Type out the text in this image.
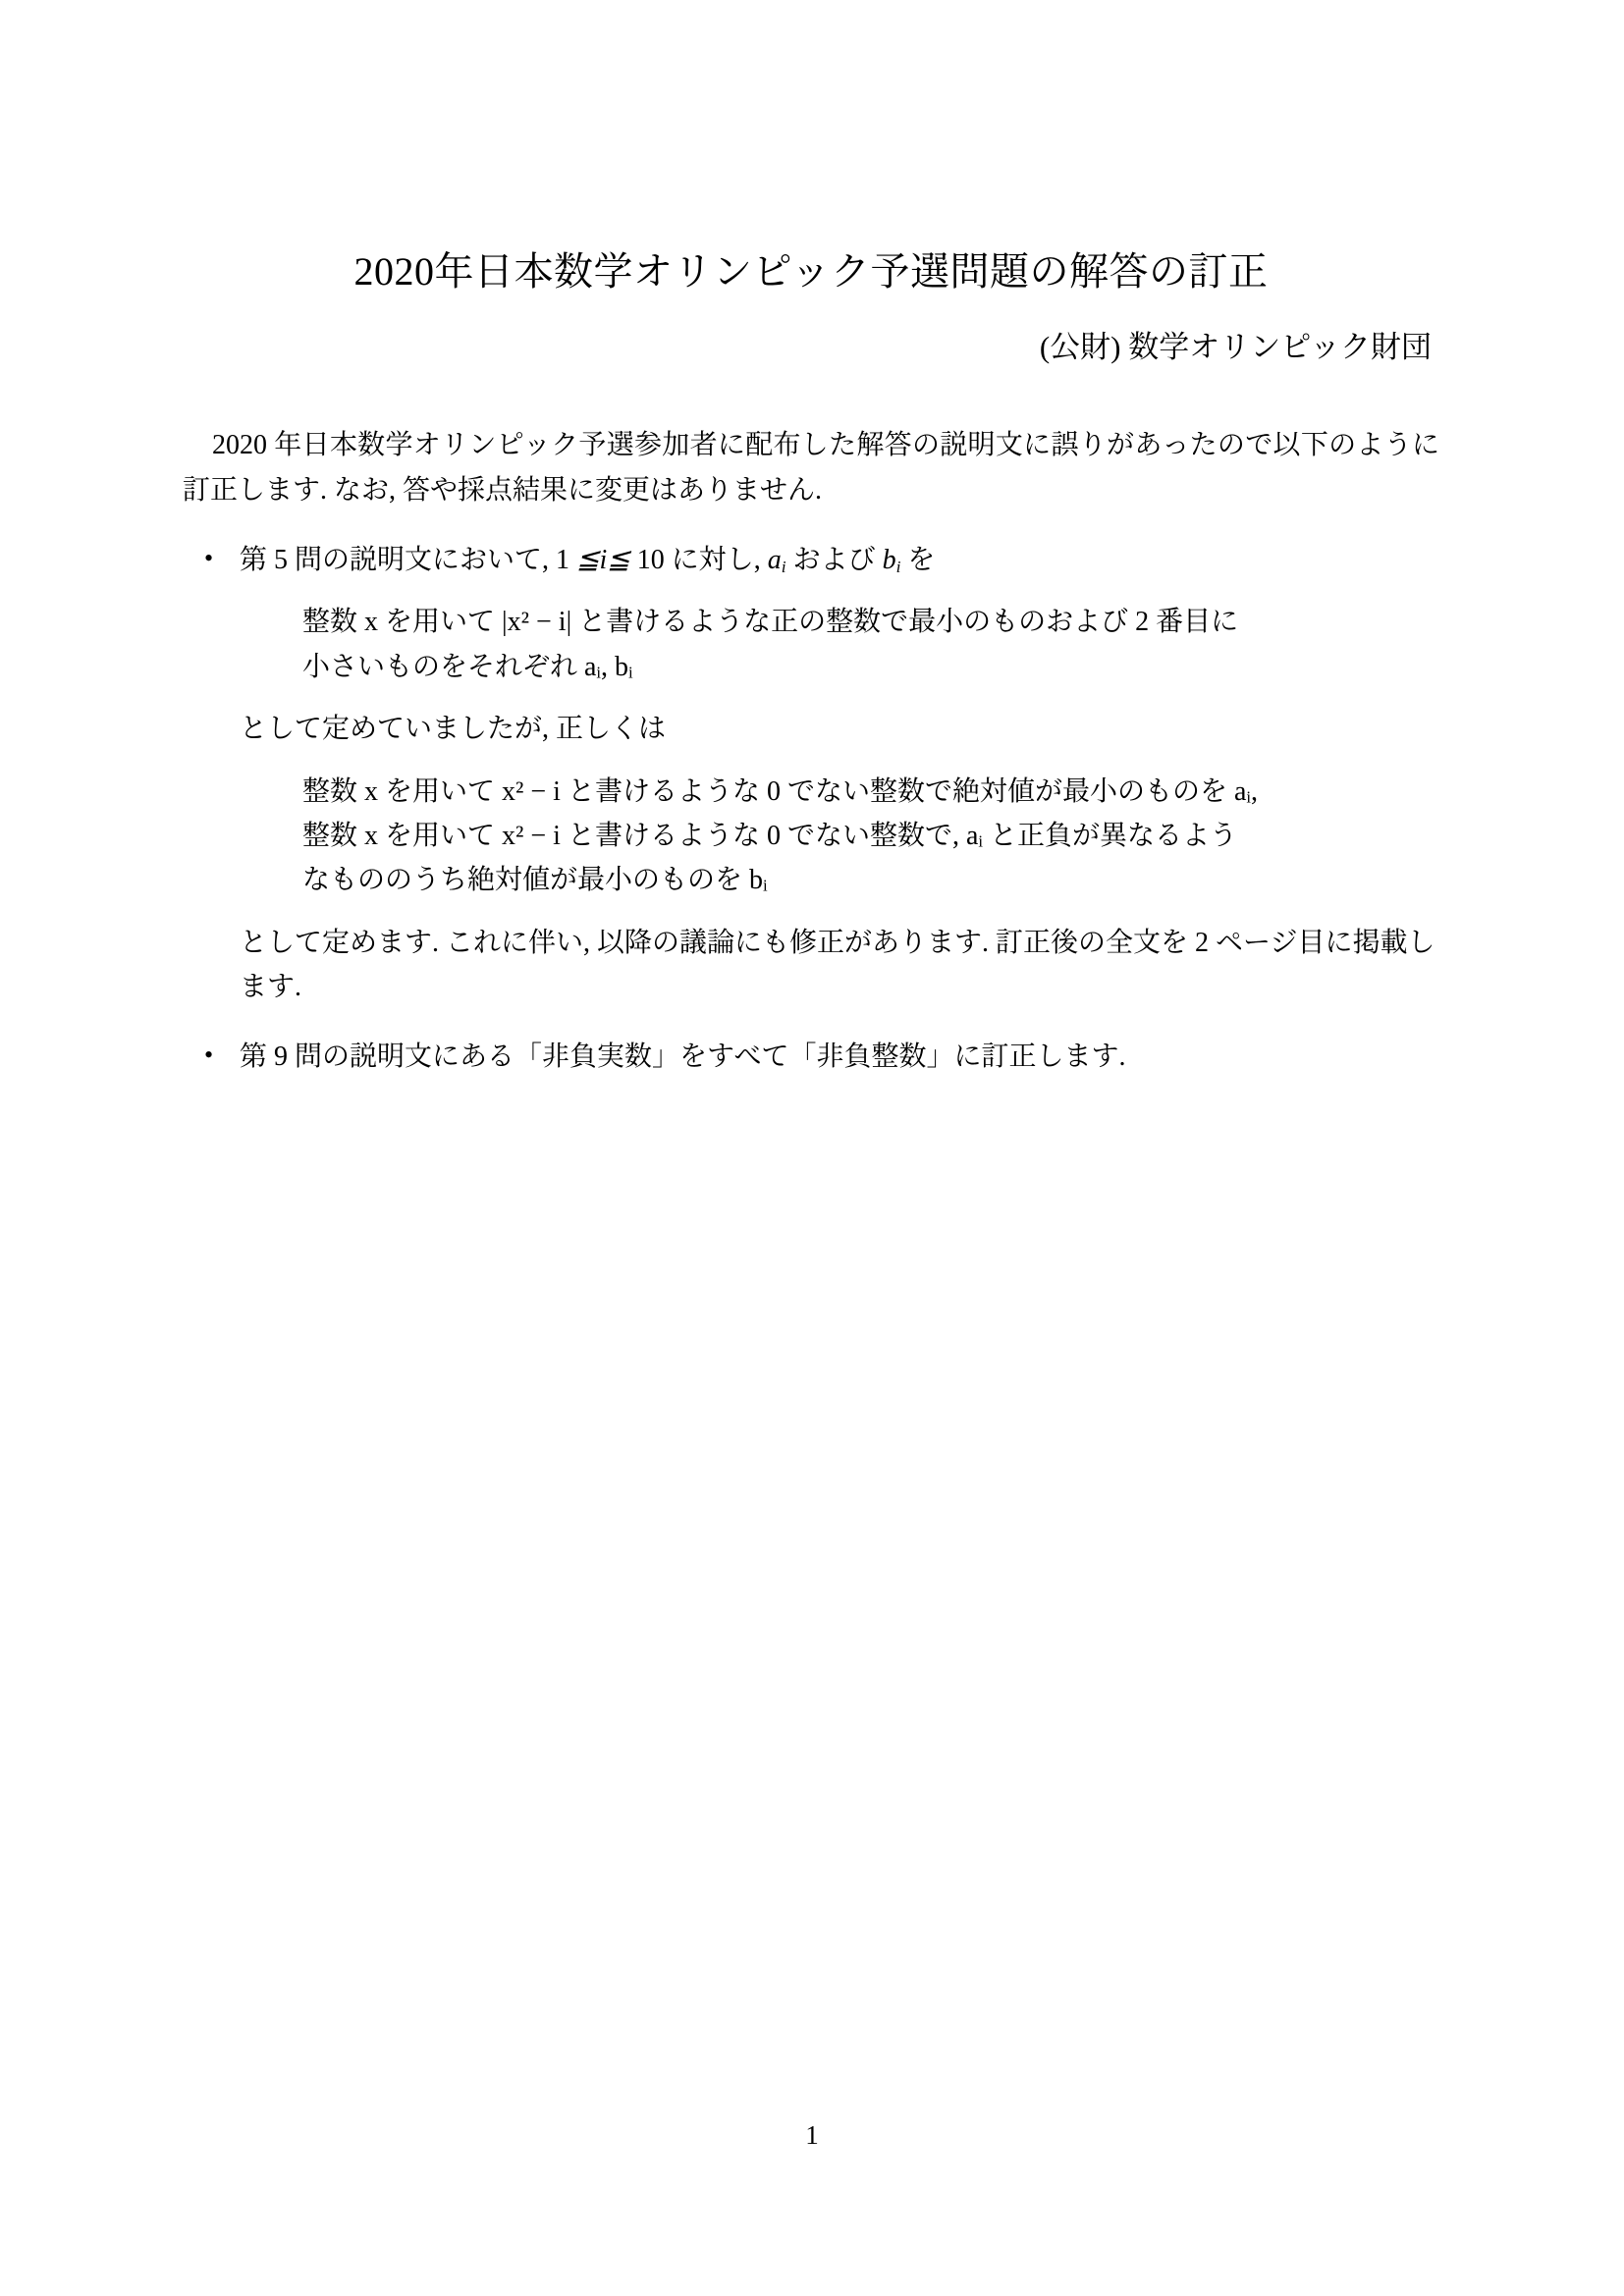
2020年日本数学オリンピック予選問題の解答の訂正
(公財) 数学オリンピック財団

2020 年日本数学オリンピック予選参加者に配布した解答の説明文に誤りがあったので以下のように訂正します. なお, 答や採点結果に変更はありません.

• 第 5 問の説明文において, 1 ≦i≦ 10 に対し, $a_i$ および $b_i$ を
整数 x を用いて |x² − i| と書けるような正の整数で最小のものおよび 2 番目に
小さいものをそれぞれ aᵢ, bᵢ
として定めていましたが, 正しくは
整数 x を用いて x² − i と書けるような 0 でない整数で絶対値が最小のものを aᵢ,
整数 x を用いて x² − i と書けるような 0 でない整数で, aᵢ と正負が異なるよう
なもののうち絶対値が最小のものを bᵢ
として定めます. これに伴い, 以降の議論にも修正があります. 訂正後の全文を 2 ページ目に掲載します.
• 第 9 問の説明文にある「非負実数」をすべて「非負整数」に訂正します.
1
